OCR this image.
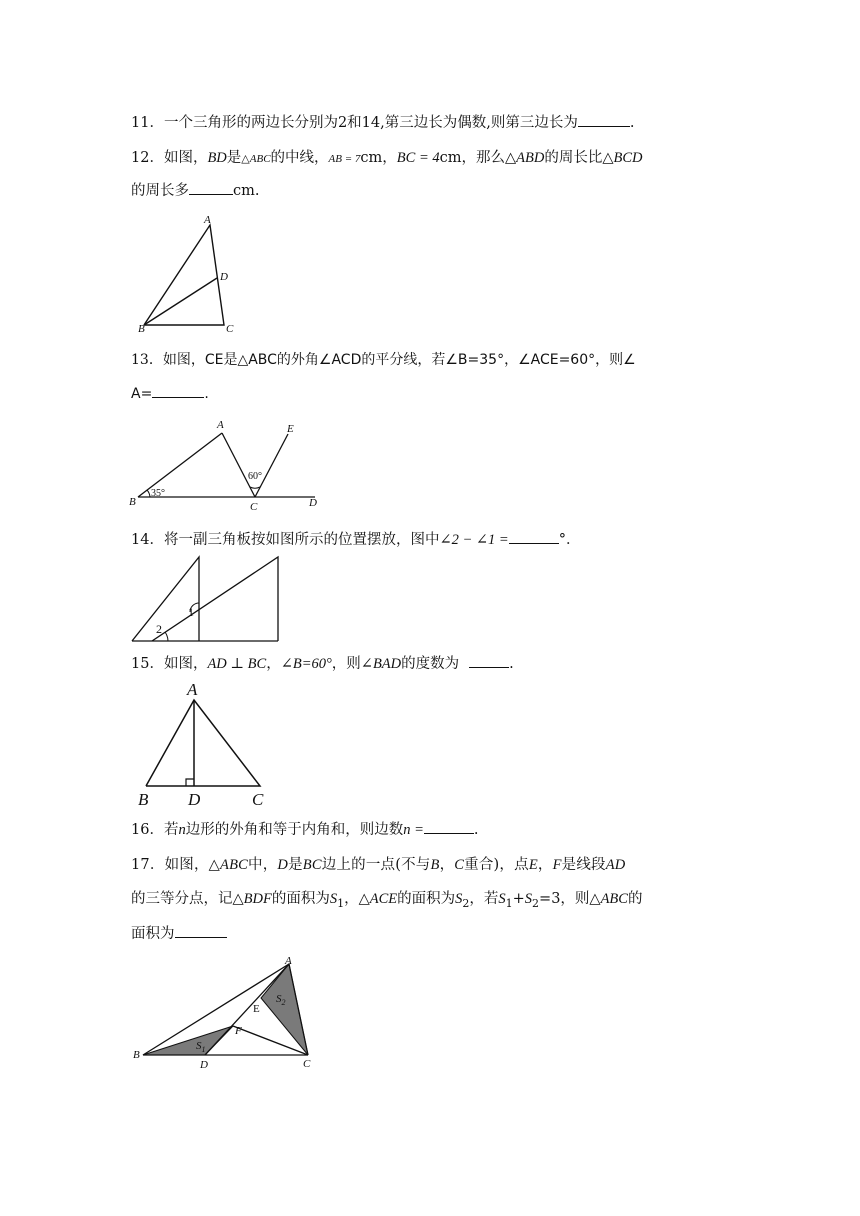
11．一个三角形的两边长分别为2和14,第三边长为偶数,则第三边长为	.
12．如图，BD是△ABC的中线，AB = 7cm，BC = 4cm，那么△ABD的周长比△BCD
的周长多	cm.
A
D
B	C
13．如图，CE是△ABC的外角∠ACD的平分线，若∠B=35°，∠ACE=60°，则∠
A=	.
A	E
B	C	D
35°
60°
14．将一副三角板按如图所示的位置摆放，图中∠2 − ∠1 =	°．
1
2
15．如图，AD ⊥ BC，∠B=60°，则∠BAD的度数为	.
A
B D	C
16．若n边形的外角和等于内角和，则边数n =	.
17．如图，△ABC中，D是BC边上的一点(不与B，C重合)，点E，F是线段AD
的三等分点，记△BDF的面积为$S_1$，△ACE的面积为$S_2$，若$S_1+S_2=3$，则△ABC的
面积为
A
E
F
B
D	C
$S_1$
$S_2$
